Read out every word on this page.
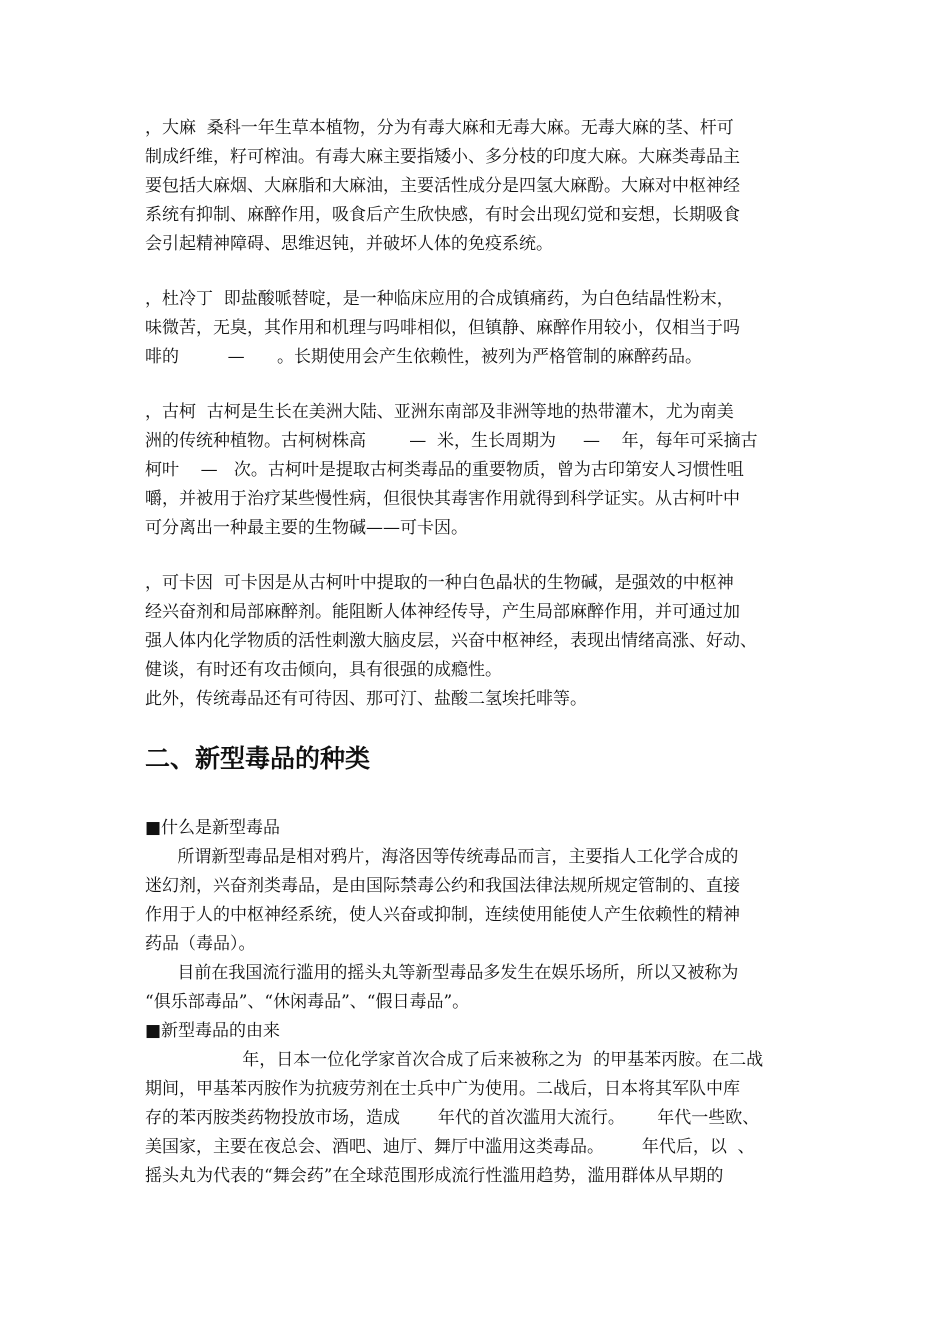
，大麻  桑科一年生草本植物，分为有毒大麻和无毒大麻。无毒大麻的茎、杆可
制成纤维，籽可榨油。有毒大麻主要指矮小、多分枝的印度大麻。大麻类毒品主
要包括大麻烟、大麻脂和大麻油，主要活性成分是四氢大麻酚。大麻对中枢神经
系统有抑制、麻醉作用，吸食后产生欣快感，有时会出现幻觉和妄想，长期吸食
会引起精神障碍、思维迟钝，并破坏人体的免疫系统。
，杜冷丁  即盐酸哌替啶，是一种临床应用的合成镇痛药，为白色结晶性粉末，
味微苦，无臭，其作用和机理与吗啡相似，但镇静、麻醉作用较小，仅相当于吗
啡的         —      。长期使用会产生依赖性，被列为严格管制的麻醉药品。
，古柯  古柯是生长在美洲大陆、亚洲东南部及非洲等地的热带灌木，尤为南美
洲的传统种植物。古柯树株高        —  米，生长周期为     —    年，每年可采摘古
柯叶    —   次。古柯叶是提取古柯类毒品的重要物质，曾为古印第安人习惯性咀
嚼，并被用于治疗某些慢性病，但很快其毒害作用就得到科学证实。从古柯叶中
可分离出一种最主要的生物碱——可卡因。
，可卡因  可卡因是从古柯叶中提取的一种白色晶状的生物碱，是强效的中枢神
经兴奋剂和局部麻醉剂。能阻断人体神经传导，产生局部麻醉作用，并可通过加
强人体内化学物质的活性刺激大脑皮层，兴奋中枢神经，表现出情绪高涨、好动、
健谈，有时还有攻击倾向，具有很强的成瘾性。
此外，传统毒品还有可待因、那可汀、盐酸二氢埃托啡等。
二、新型毒品的种类
■什么是新型毒品
所谓新型毒品是相对鸦片，海洛因等传统毒品而言，主要指人工化学合成的
迷幻剂，兴奋剂类毒品，是由国际禁毒公约和我国法律法规所规定管制的、直接
作用于人的中枢神经系统，使人兴奋或抑制，连续使用能使人产生依赖性的精神
药品（毒品）。
目前在我国流行滥用的摇头丸等新型毒品多发生在娱乐场所，所以又被称为
“俱乐部毒品”、“休闲毒品”、“假日毒品”。
■新型毒品的由来
年，日本一位化学家首次合成了后来被称之为  的甲基苯丙胺。在二战
期间，甲基苯丙胺作为抗疲劳剂在士兵中广为使用。二战后，日本将其军队中库
存的苯丙胺类药物投放市场，造成       年代的首次滥用大流行。      年代一些欧、
美国家，主要在夜总会、酒吧、迪厅、舞厅中滥用这类毒品。       年代后，以  、
摇头丸为代表的“舞会药”在全球范围形成流行性滥用趋势，滥用群体从早期的
